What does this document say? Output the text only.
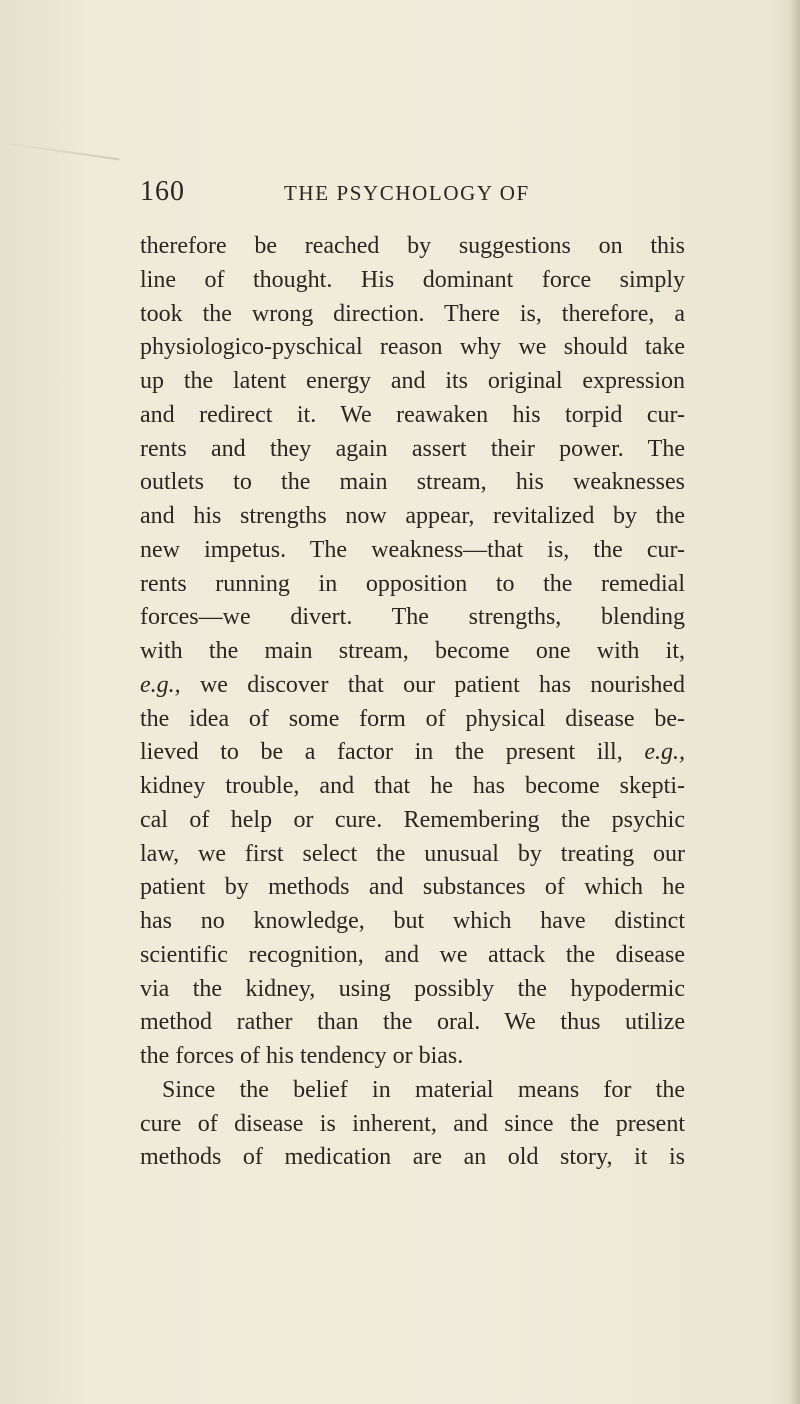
160	THE PSYCHOLOGY OF
therefore be reached by suggestions on this
line of thought. His dominant force simply
took the wrong direction. There is, therefore, a
physiologico-pyschical reason why we should take
up the latent energy and its original expression
and redirect it. We reawaken his torpid cur-
rents and they again assert their power. The
outlets to the main stream, his weaknesses
and his strengths now appear, revitalized by the
new impetus. The weakness—that is, the cur-
rents running in opposition to the remedial
forces—we divert. The strengths, blending
with the main stream, become one with it,
e.g., we discover that our patient has nourished
the idea of some form of physical disease be-
lieved to be a factor in the present ill, e.g.,
kidney trouble, and that he has become skepti-
cal of help or cure. Remembering the psychic
law, we first select the unusual by treating our
patient by methods and substances of which he
has no knowledge, but which have distinct
scientific recognition, and we attack the disease
via the kidney, using possibly the hypodermic
method rather than the oral. We thus utilize
the forces of his tendency or bias.
Since the belief in material means for the
cure of disease is inherent, and since the present
methods of medication are an old story, it is
